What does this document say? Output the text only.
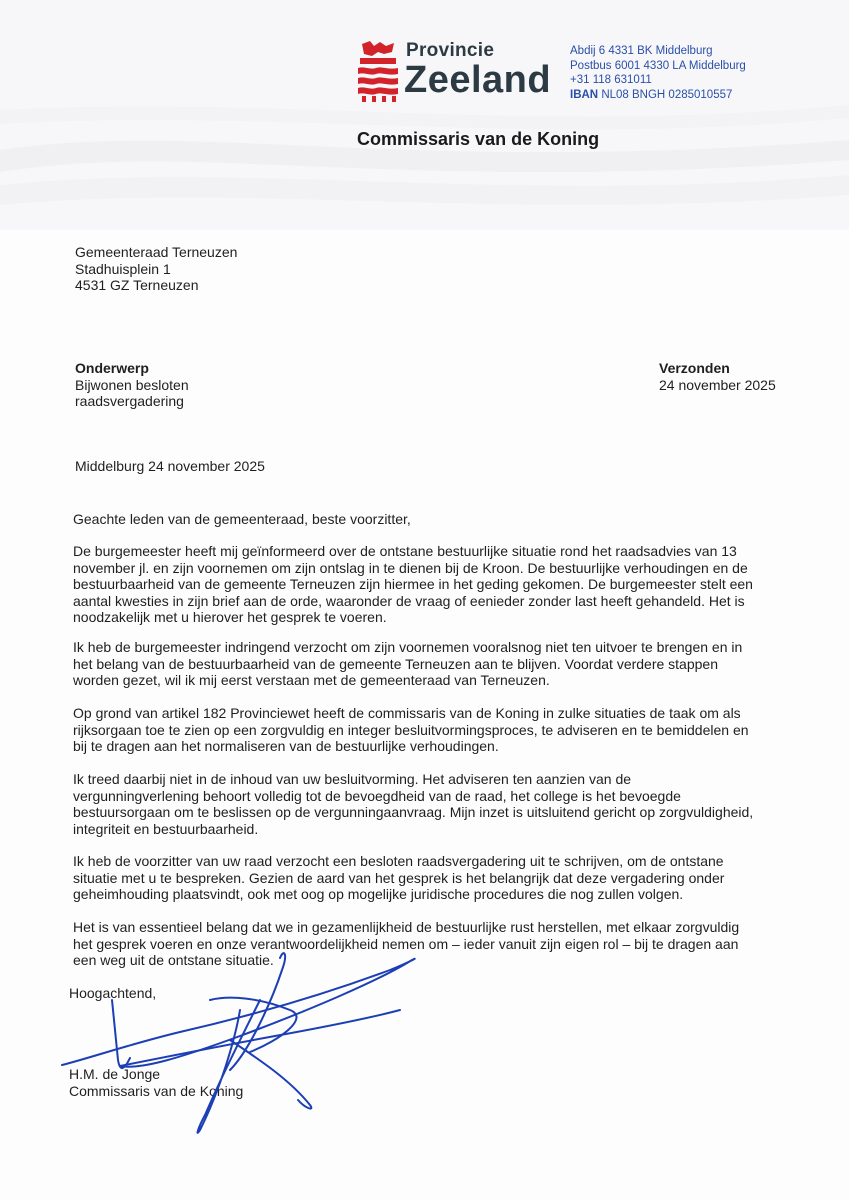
Provincie
Zeeland
Abdij 6 4331 BK Middelburg
Postbus 6001 4330 LA Middelburg
+31 118 631011
IBAN NL08 BNGH 0285010557
Commissaris van de Koning
Gemeenteraad Terneuzen
Stadhuisplein 1
4531 GZ Terneuzen
Onderwerp
Bijwonen besloten
raadsvergadering
Verzonden
24 november 2025
Middelburg 24 november 2025
Geachte leden van de gemeenteraad, beste voorzitter,
De burgemeester heeft mij geïnformeerd over de ontstane bestuurlijke situatie rond het raadsadvies van 13
november jl. en zijn voornemen om zijn ontslag in te dienen bij de Kroon. De bestuurlijke verhoudingen en de
bestuurbaarheid van de gemeente Terneuzen zijn hiermee in het geding gekomen. De burgemeester stelt een
aantal kwesties in zijn brief aan de orde, waaronder de vraag of eenieder zonder last heeft gehandeld. Het is
noodzakelijk met u hierover het gesprek te voeren.
Ik heb de burgemeester indringend verzocht om zijn voornemen vooralsnog niet ten uitvoer te brengen en in
het belang van de bestuurbaarheid van de gemeente Terneuzen aan te blijven. Voordat verdere stappen
worden gezet, wil ik mij eerst verstaan met de gemeenteraad van Terneuzen.
Op grond van artikel 182 Provinciewet heeft de commissaris van de Koning in zulke situaties de taak om als
rijksorgaan toe te zien op een zorgvuldig en integer besluitvormingsproces, te adviseren en te bemiddelen en
bij te dragen aan het normaliseren van de bestuurlijke verhoudingen.
Ik treed daarbij niet in de inhoud van uw besluitvorming. Het adviseren ten aanzien van de
vergunningverlening behoort volledig tot de bevoegdheid van de raad, het college is het bevoegde
bestuursorgaan om te beslissen op de vergunningaanvraag. Mijn inzet is uitsluitend gericht op zorgvuldigheid,
integriteit en bestuurbaarheid.
Ik heb de voorzitter van uw raad verzocht een besloten raadsvergadering uit te schrijven, om de ontstane
situatie met u te bespreken. Gezien de aard van het gesprek is het belangrijk dat deze vergadering onder
geheimhouding plaatsvindt, ook met oog op mogelijke juridische procedures die nog zullen volgen.
Het is van essentieel belang dat we in gezamenlijkheid de bestuurlijke rust herstellen, met elkaar zorgvuldig
het gesprek voeren en onze verantwoordelijkheid nemen om – ieder vanuit zijn eigen rol – bij te dragen aan
een weg uit de ontstane situatie.
Hoogachtend,
H.M. de Jonge
Commissaris van de Koning
